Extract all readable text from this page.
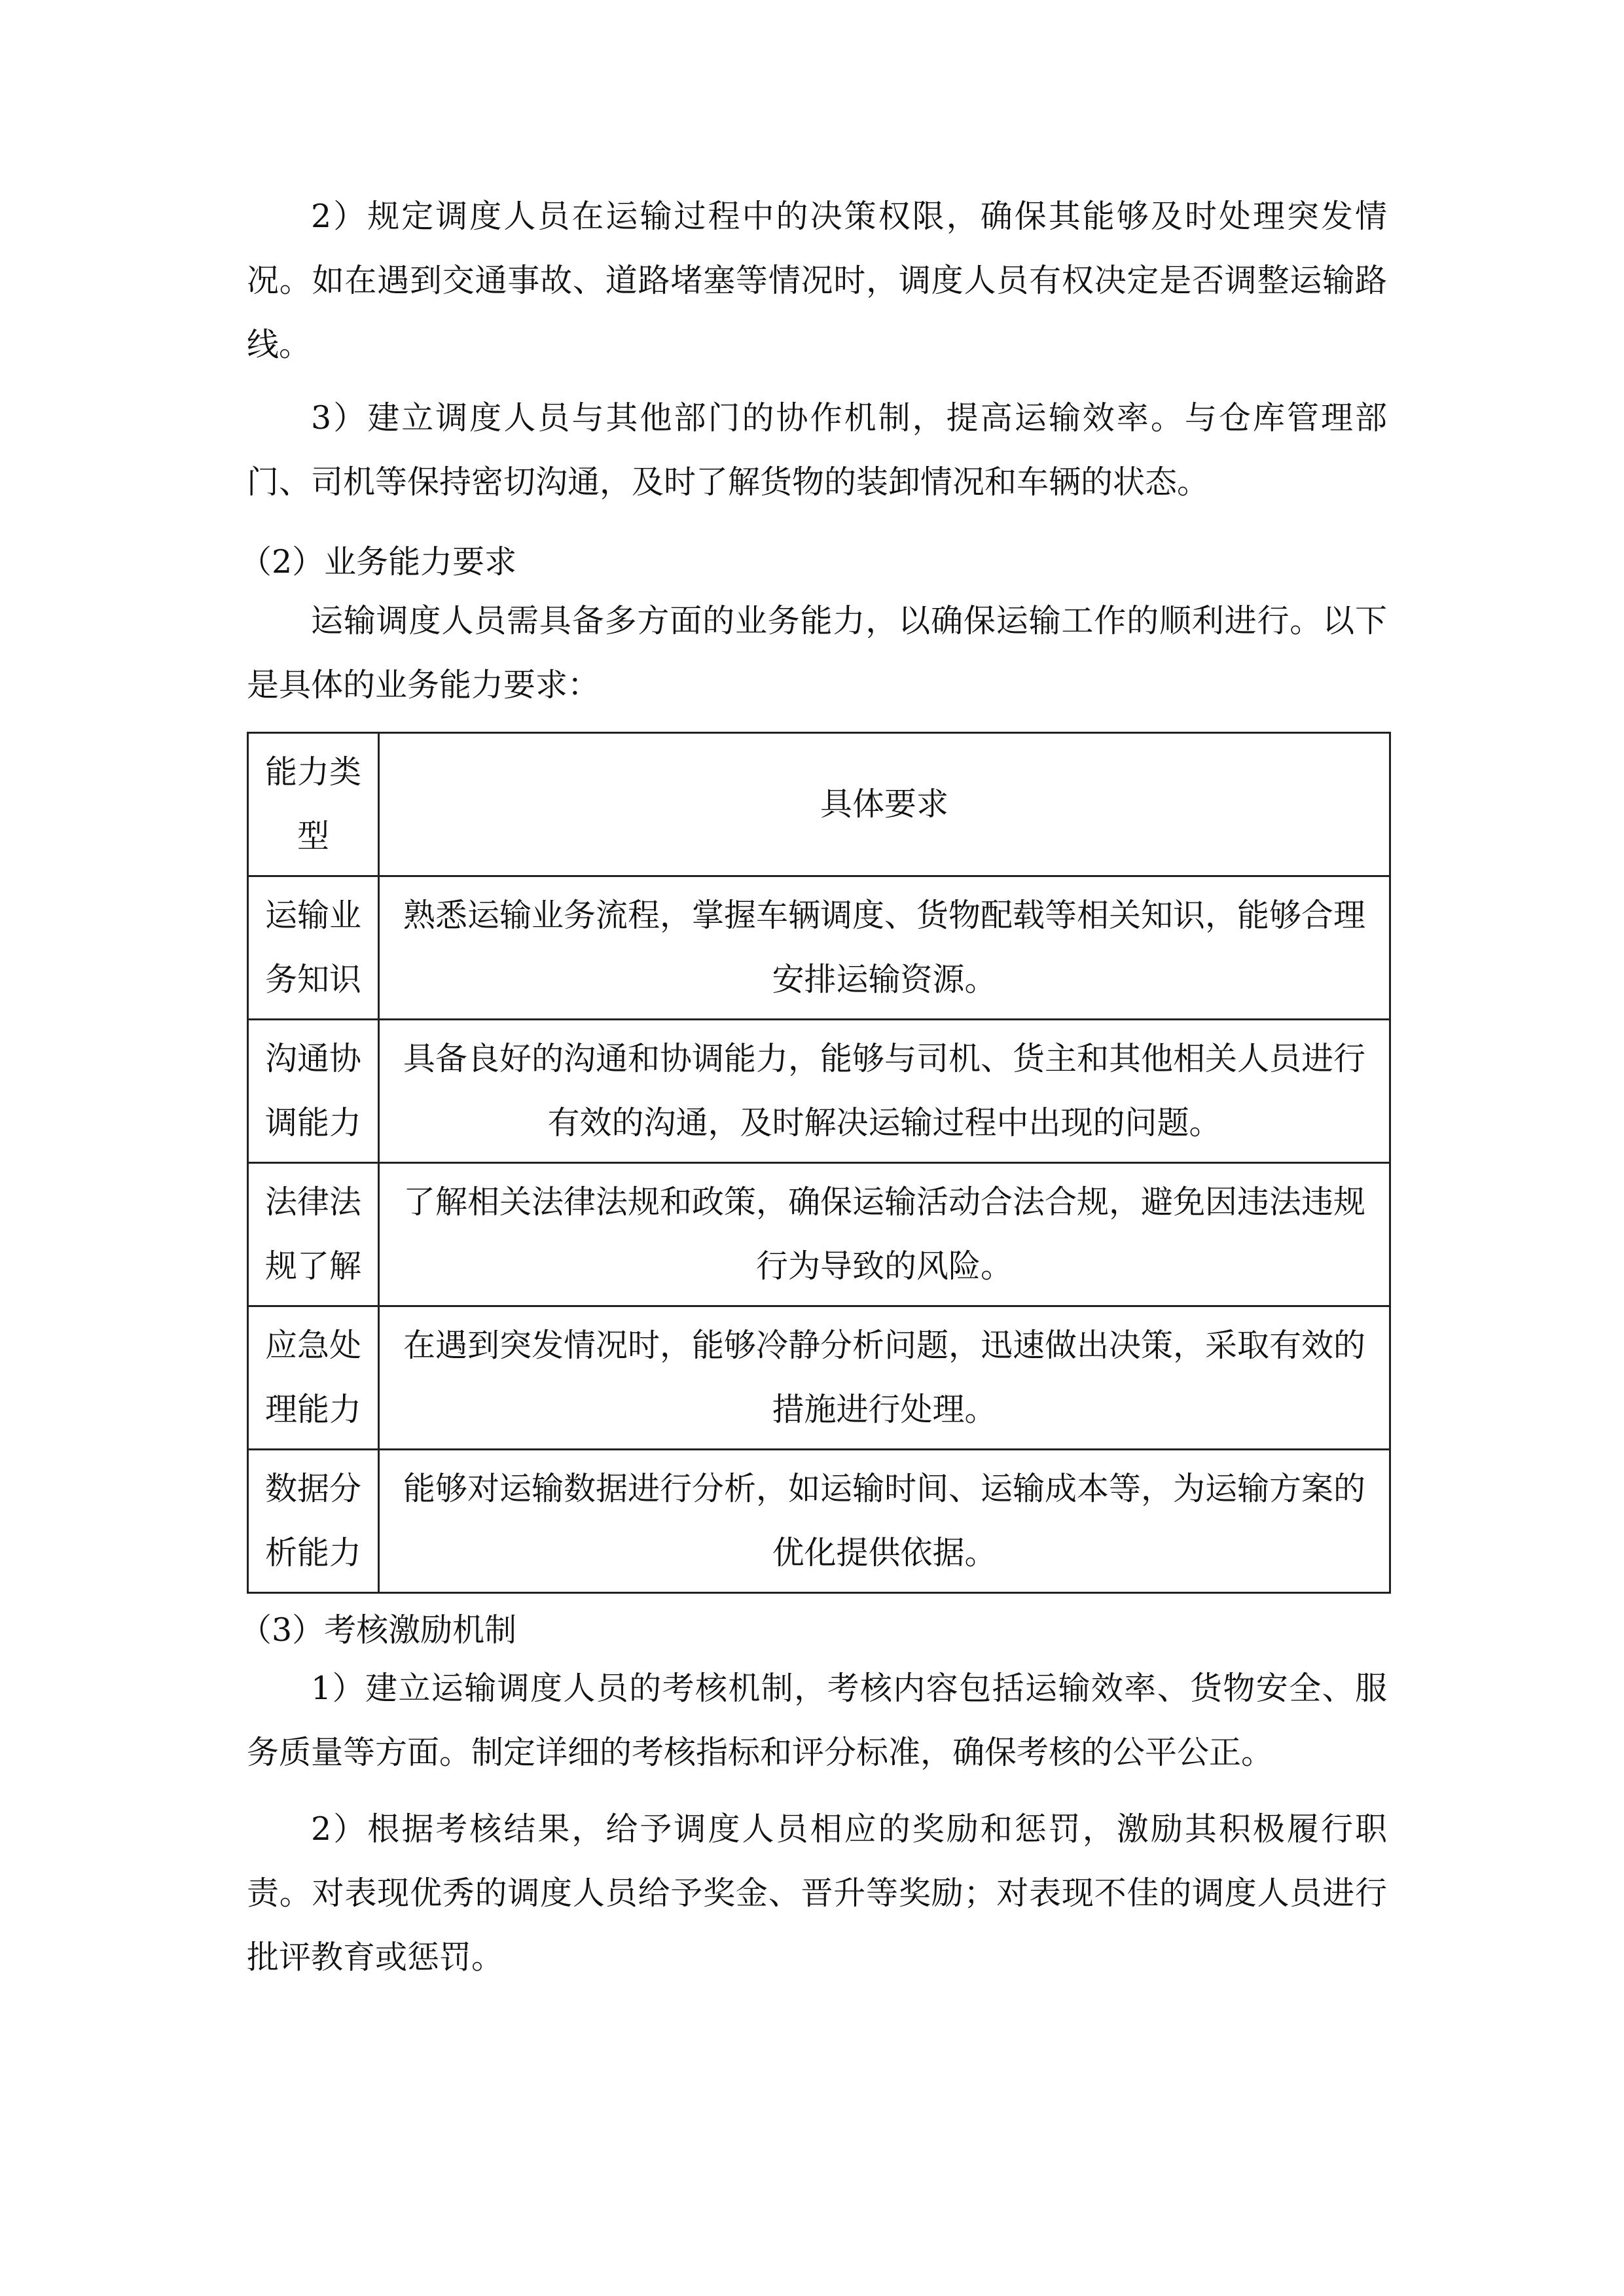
2）规定调度人员在运输过程中的决策权限，确保其能够及时处理突发情况。如在遇到交通事故、道路堵塞等情况时，调度人员有权决定是否调整运输路线。

3）建立调度人员与其他部门的协作机制，提高运输效率。与仓库管理部门、司机等保持密切沟通，及时了解货物的装卸情况和车辆的状态。

（2）业务能力要求

运输调度人员需具备多方面的业务能力，以确保运输工作的顺利进行。以下是具体的业务能力要求：

能力类型	具体要求

运输业务知识	熟悉运输业务流程，掌握车辆调度、货物配载等相关知识，能够合理安排运输资源。

沟通协调能力	具备良好的沟通和协调能力，能够与司机、货主和其他相关人员进行有效的沟通，及时解决运输过程中出现的问题。

法律法规了解	了解相关法律法规和政策，确保运输活动合法合规，避免因违法违规行为导致的风险。

应急处理能力	在遇到突发情况时，能够冷静分析问题，迅速做出决策，采取有效的措施进行处理。

数据分析能力	能够对运输数据进行分析，如运输时间、运输成本等，为运输方案的优化提供依据。

（3）考核激励机制

1）建立运输调度人员的考核机制，考核内容包括运输效率、货物安全、服务质量等方面。制定详细的考核指标和评分标准，确保考核的公平公正。

2）根据考核结果，给予调度人员相应的奖励和惩罚，激励其积极履行职责。对表现优秀的调度人员给予奖金、晋升等奖励；对表现不佳的调度人员进行批评教育或惩罚。
